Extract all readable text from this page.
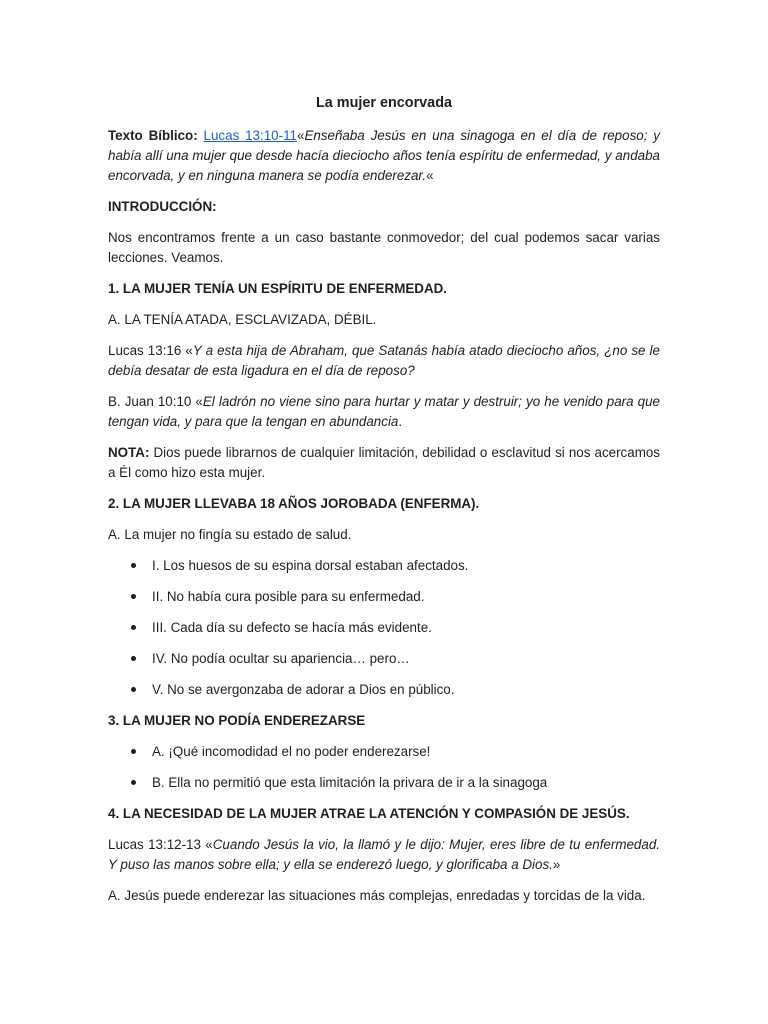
La mujer encorvada

Texto Bíblico: Lucas 13:10-11«Enseñaba Jesús en una sinagoga en el día de reposo; y había allí una mujer que desde hacía dieciocho años tenía espíritu de enfermedad, y andaba encorvada, y en ninguna manera se podía enderezar.«

INTRODUCCIÓN:

Nos encontramos frente a un caso bastante conmovedor; del cual podemos sacar varias lecciones. Veamos.

1. LA MUJER TENÍA UN ESPÍRITU DE ENFERMEDAD.

A. LA TENÍA ATADA, ESCLAVIZADA, DÉBIL.

Lucas 13:16 «Y a esta hija de Abraham, que Satanás había atado dieciocho años, ¿no se le debía desatar de esta ligadura en el día de reposo?

B. Juan 10:10 «El ladrón no viene sino para hurtar y matar y destruir; yo he venido para que tengan vida, y para que la tengan en abundancia.

NOTA: Dios puede librarnos de cualquier limitación, debilidad o esclavitud si nos acercamos a Él como hizo esta mujer.

2. LA MUJER LLEVABA 18 AÑOS JOROBADA (ENFERMA).

A. La mujer no fingía su estado de salud.

I. Los huesos de su espina dorsal estaban afectados.
II. No había cura posible para su enfermedad.
III. Cada día su defecto se hacía más evidente.
IV. No podía ocultar su apariencia… pero…
V. No se avergonzaba de adorar a Dios en público.

3. LA MUJER NO PODÍA ENDEREZARSE

A. ¡Qué incomodidad el no poder enderezarse!
B. Ella no permitió que esta limitación la privara de ir a la sinagoga

4. LA NECESIDAD DE LA MUJER ATRAE LA ATENCIÓN Y COMPASIÓN DE JESÚS.

Lucas 13:12-13 «Cuando Jesús la vio, la llamó y le dijo: Mujer, eres libre de tu enfermedad. Y puso las manos sobre ella; y ella se enderezó luego, y glorificaba a Dios.»

A. Jesús puede enderezar las situaciones más complejas, enredadas y torcidas de la vida.
